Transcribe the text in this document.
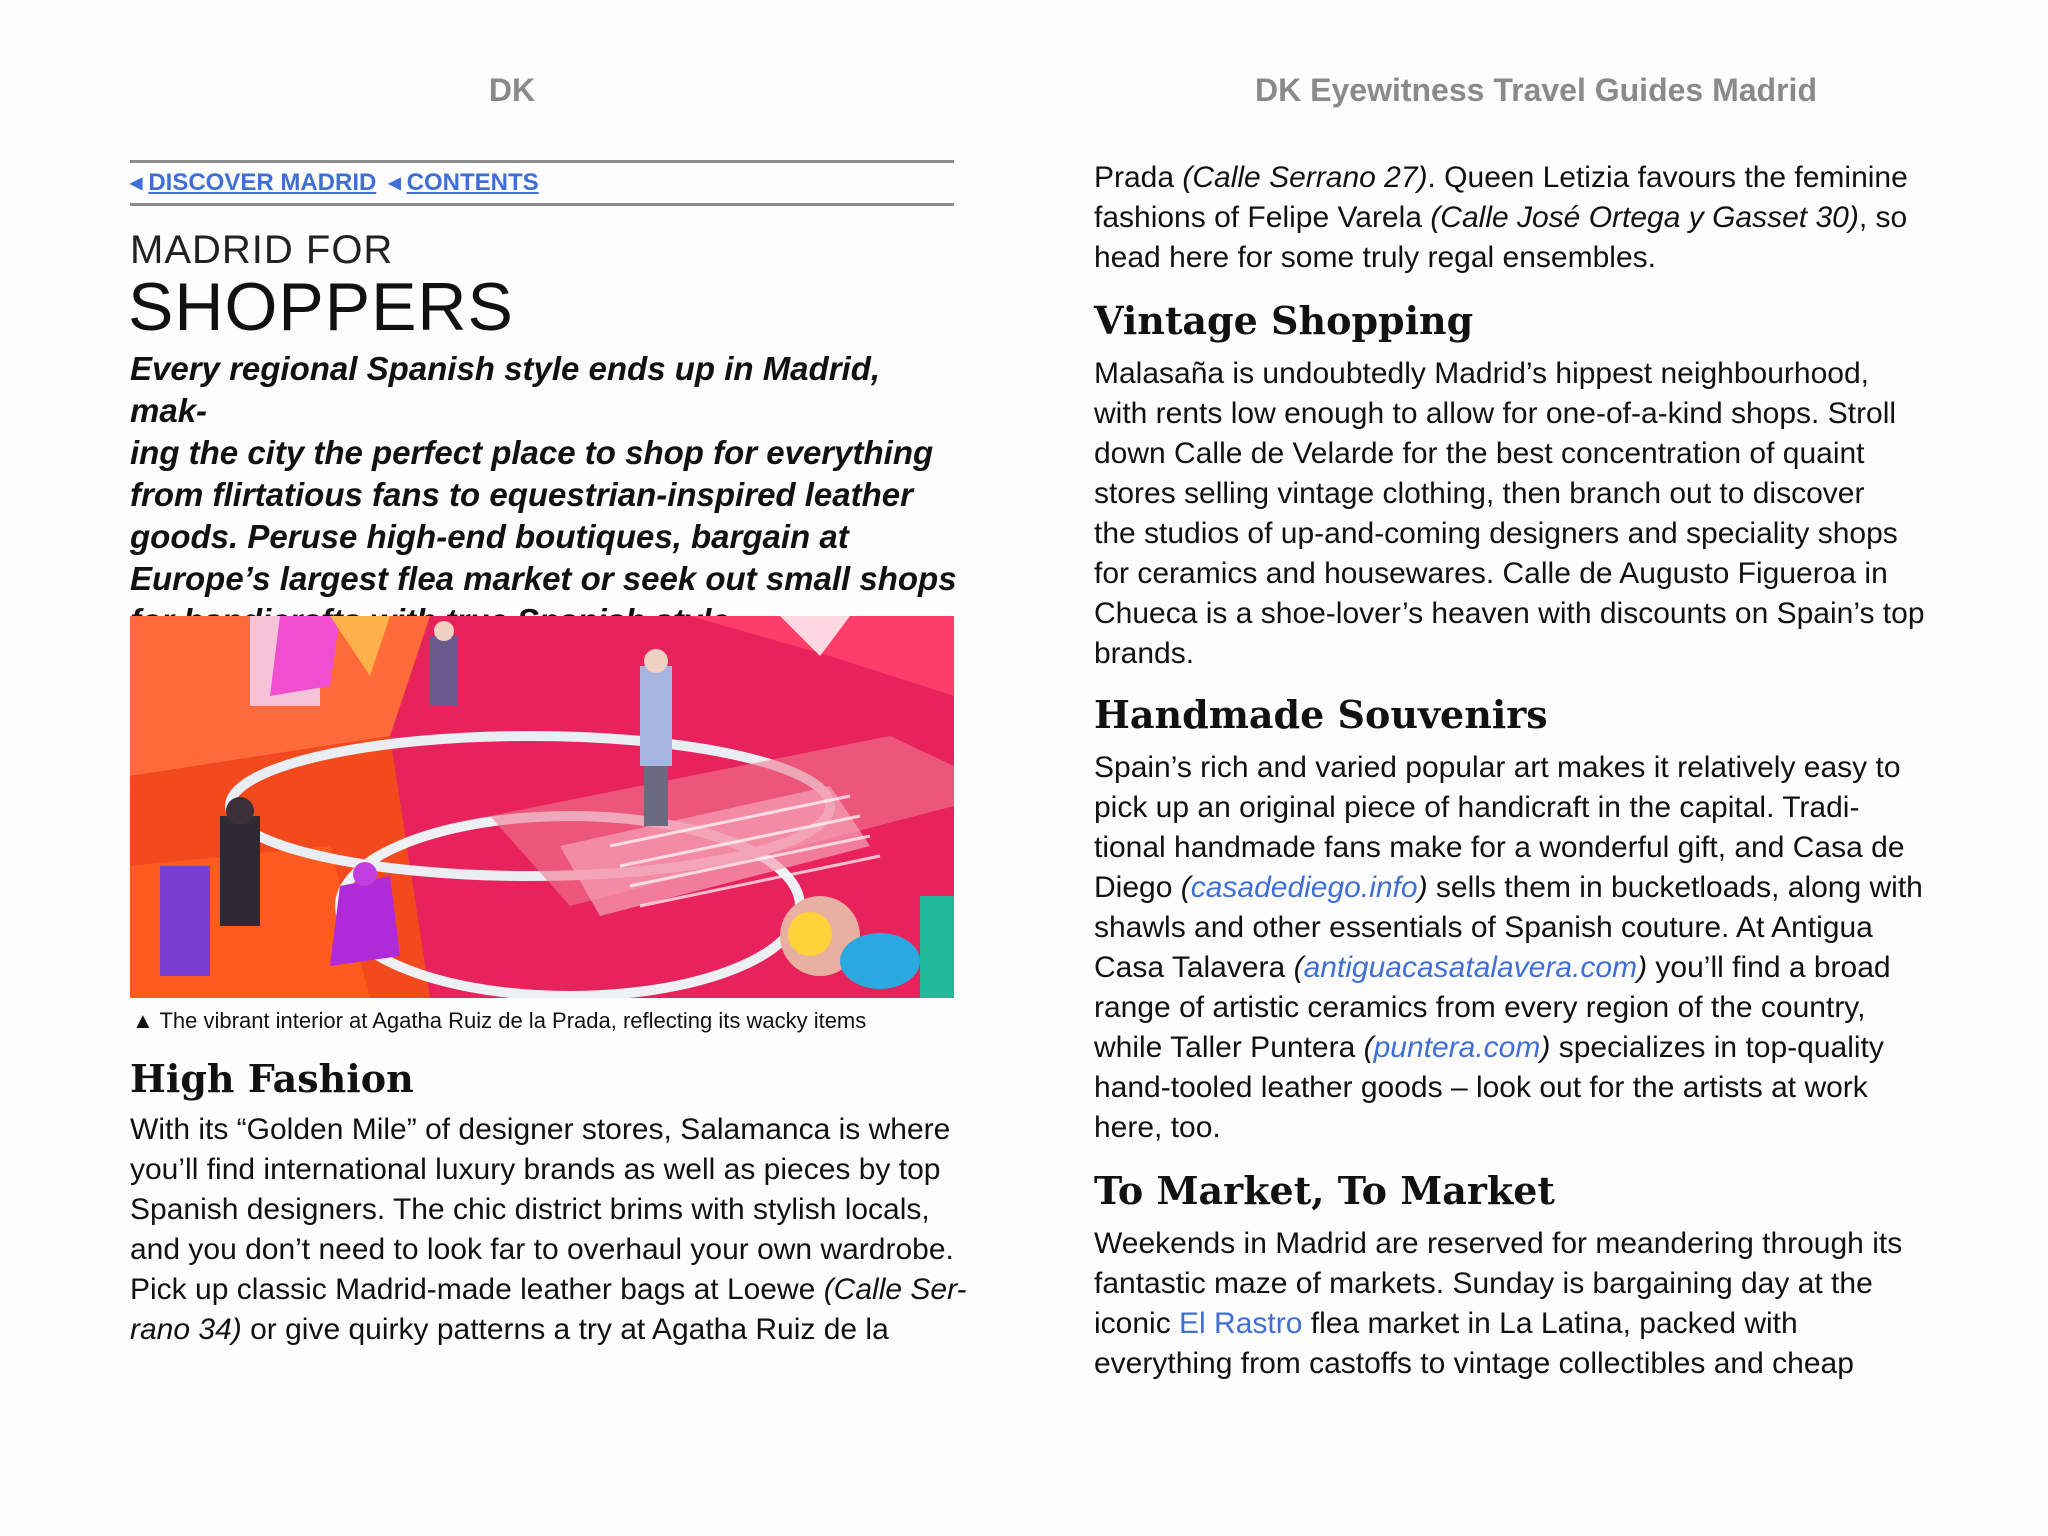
DK
◀ DISCOVER MADRID ◀ CONTENTS
MADRID FOR
SHOPPERS

Every regional Spanish style ends up in Madrid, mak-
ing the city the perfect place to shop for everything
from flirtatious fans to equestrian-inspired leather
goods. Peruse high-end boutiques, bargain at
Europe’s largest flea market or seek out small shops

▲ The vibrant interior at Agatha Ruiz de la Prada, reflecting its wacky items
High Fashion

With its “Golden Mile” of designer stores, Salamanca is where
you’ll find international luxury brands as well as pieces by top
Spanish designers. The chic district brims with stylish locals,
and you don’t need to look far to overhaul your own wardrobe.
Pick up classic Madrid-made leather bags at Loewe (Calle Ser-
rano 34) or give quirky patterns a try at Agatha Ruiz de la

DK Eyewitness Travel Guides Madrid

Prada (Calle Serrano 27). Queen Letizia favours the feminine
fashions of Felipe Varela (Calle José Ortega y Gasset 30), so
head here for some truly regal ensembles.

Vintage Shopping

Malasaña is undoubtedly Madrid’s hippest neighbourhood,
with rents low enough to allow for one-of-a-kind shops. Stroll
down Calle de Velarde for the best concentration of quaint
stores selling vintage clothing, then branch out to discover
the studios of up-and-coming designers and speciality shops
for ceramics and housewares. Calle de Augusto Figueroa in
Chueca is a shoe-lover’s heaven with discounts on Spain’s top
brands.

Handmade Souvenirs

Spain’s rich and varied popular art makes it relatively easy to
pick up an original piece of handicraft in the capital. Tradi-
tional handmade fans make for a wonderful gift, and Casa de
Diego (casadediego.info) sells them in bucketloads, along with
shawls and other essentials of Spanish couture. At Antigua
Casa Talavera (antiguacasatalavera.com) you’ll find a broad
range of artistic ceramics from every region of the country,
while Taller Puntera (puntera.com) specializes in top-quality
hand-tooled leather goods – look out for the artists at work
here, too.

To Market, To Market

Weekends in Madrid are reserved for meandering through its
fantastic maze of markets. Sunday is bargaining day at the
iconic El Rastro flea market in La Latina, packed with
everything from castoffs to vintage collectibles and cheap
